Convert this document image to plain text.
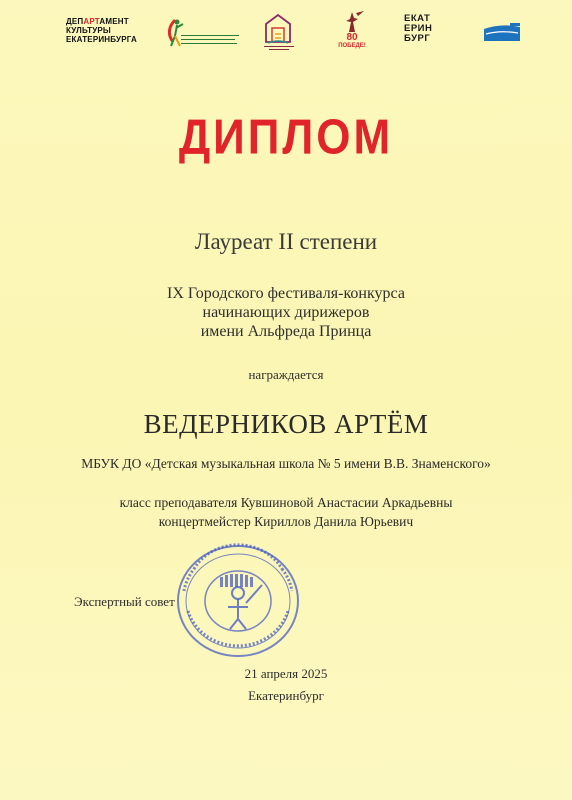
ДЕПАРТАМЕНТ
КУЛЬТУРЫ
ЕКАТЕРИНБУРГА	80
ПОБЕДЕ!
ЕКАТ
ЕРИН
БУРГ
ДИПЛОМ
Лауреат II степени
IX Городского фестиваля-конкурса
начинающих дирижеров
имени Альфреда Принца
награждается
ВЕДЕРНИКОВ АРТЁМ
МБУК ДО «Детская музыкальная школа № 5 имени В.В. Знаменского»
класс преподавателя Кувшиновой Анастасии Аркадьевны
концертмейстер Кириллов Данила Юрьевич
Экспертный совет
21 апреля 2025
Екатеринбург
